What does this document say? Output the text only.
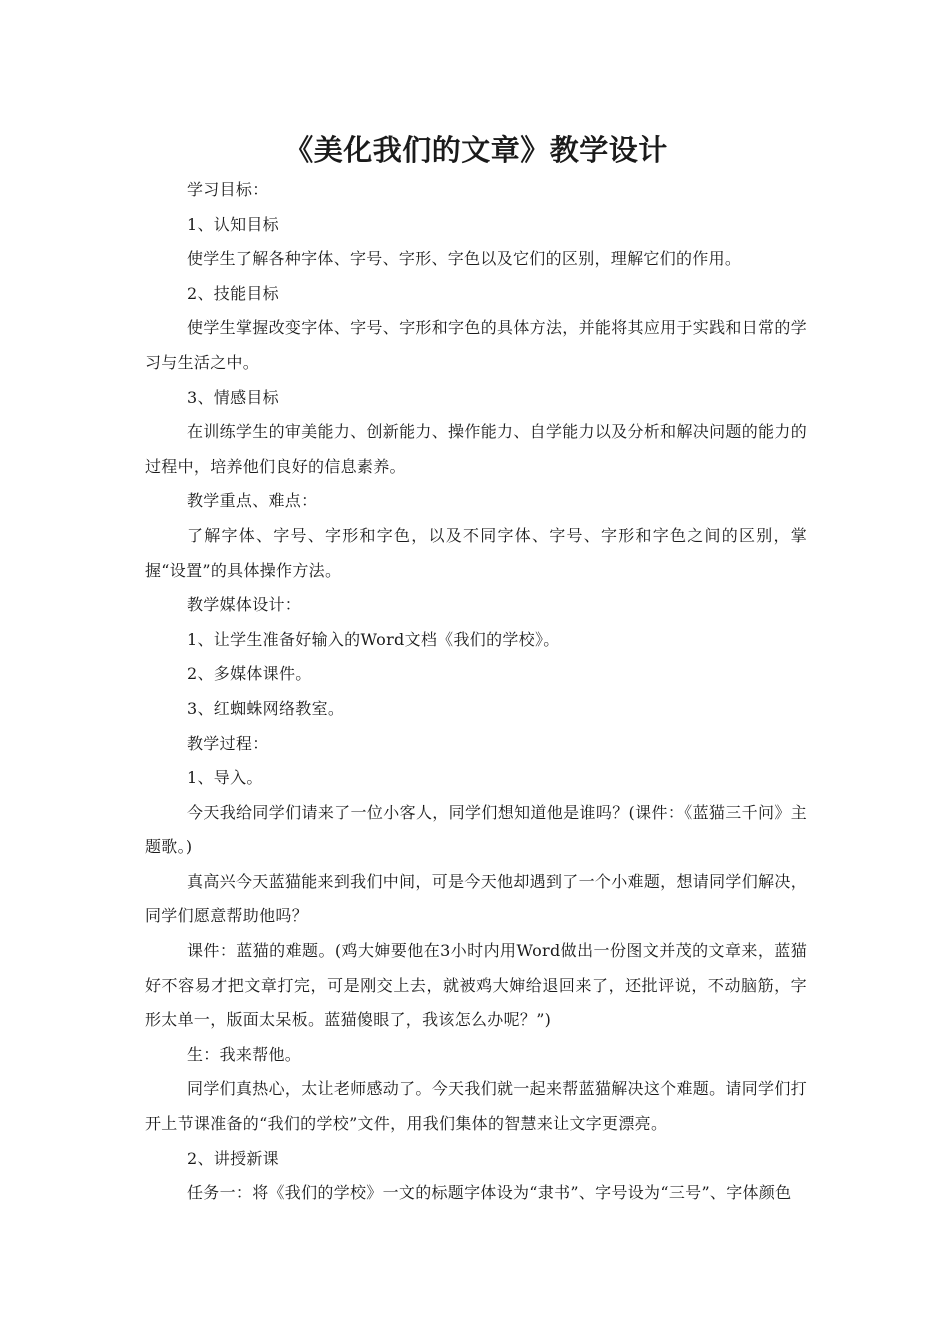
《美化我们的文章》教学设计

学习目标：

1、认知目标

使学生了解各种字体、字号、字形、字色以及它们的区别，理解它们的作用。

2、技能目标

使学生掌握改变字体、字号、字形和字色的具体方法，并能将其应用于实践和日常的学习与生活之中。

3、情感目标

在训练学生的审美能力、创新能力、操作能力、自学能力以及分析和解决问题的能力的过程中，培养他们良好的信息素养。

教学重点、难点：

了解字体、字号、字形和字色，以及不同字体、字号、字形和字色之间的区别，掌握“设置”的具体操作方法。

教学媒体设计：

1、让学生准备好输入的Word文档《我们的学校》。

2、多媒体课件。

3、红蜘蛛网络教室。

教学过程：

1、导入。

今天我给同学们请来了一位小客人，同学们想知道他是谁吗？(课件：《蓝猫三千问》主题歌。)

真高兴今天蓝猫能来到我们中间，可是今天他却遇到了一个小难题，想请同学们解决，同学们愿意帮助他吗？

课件：蓝猫的难题。(鸡大婶要他在3小时内用Word做出一份图文并茂的文章来，蓝猫好不容易才把文章打完，可是刚交上去，就被鸡大婶给退回来了，还批评说，不动脑筋，字形太单一，版面太呆板。蓝猫傻眼了，我该怎么办呢？”)

生：我来帮他。

同学们真热心，太让老师感动了。今天我们就一起来帮蓝猫解决这个难题。请同学们打开上节课准备的“我们的学校”文件，用我们集体的智慧来让文字更漂亮。

2、讲授新课

任务一：将《我们的学校》一文的标题字体设为“隶书”、字号设为“三号”、字体颜色
